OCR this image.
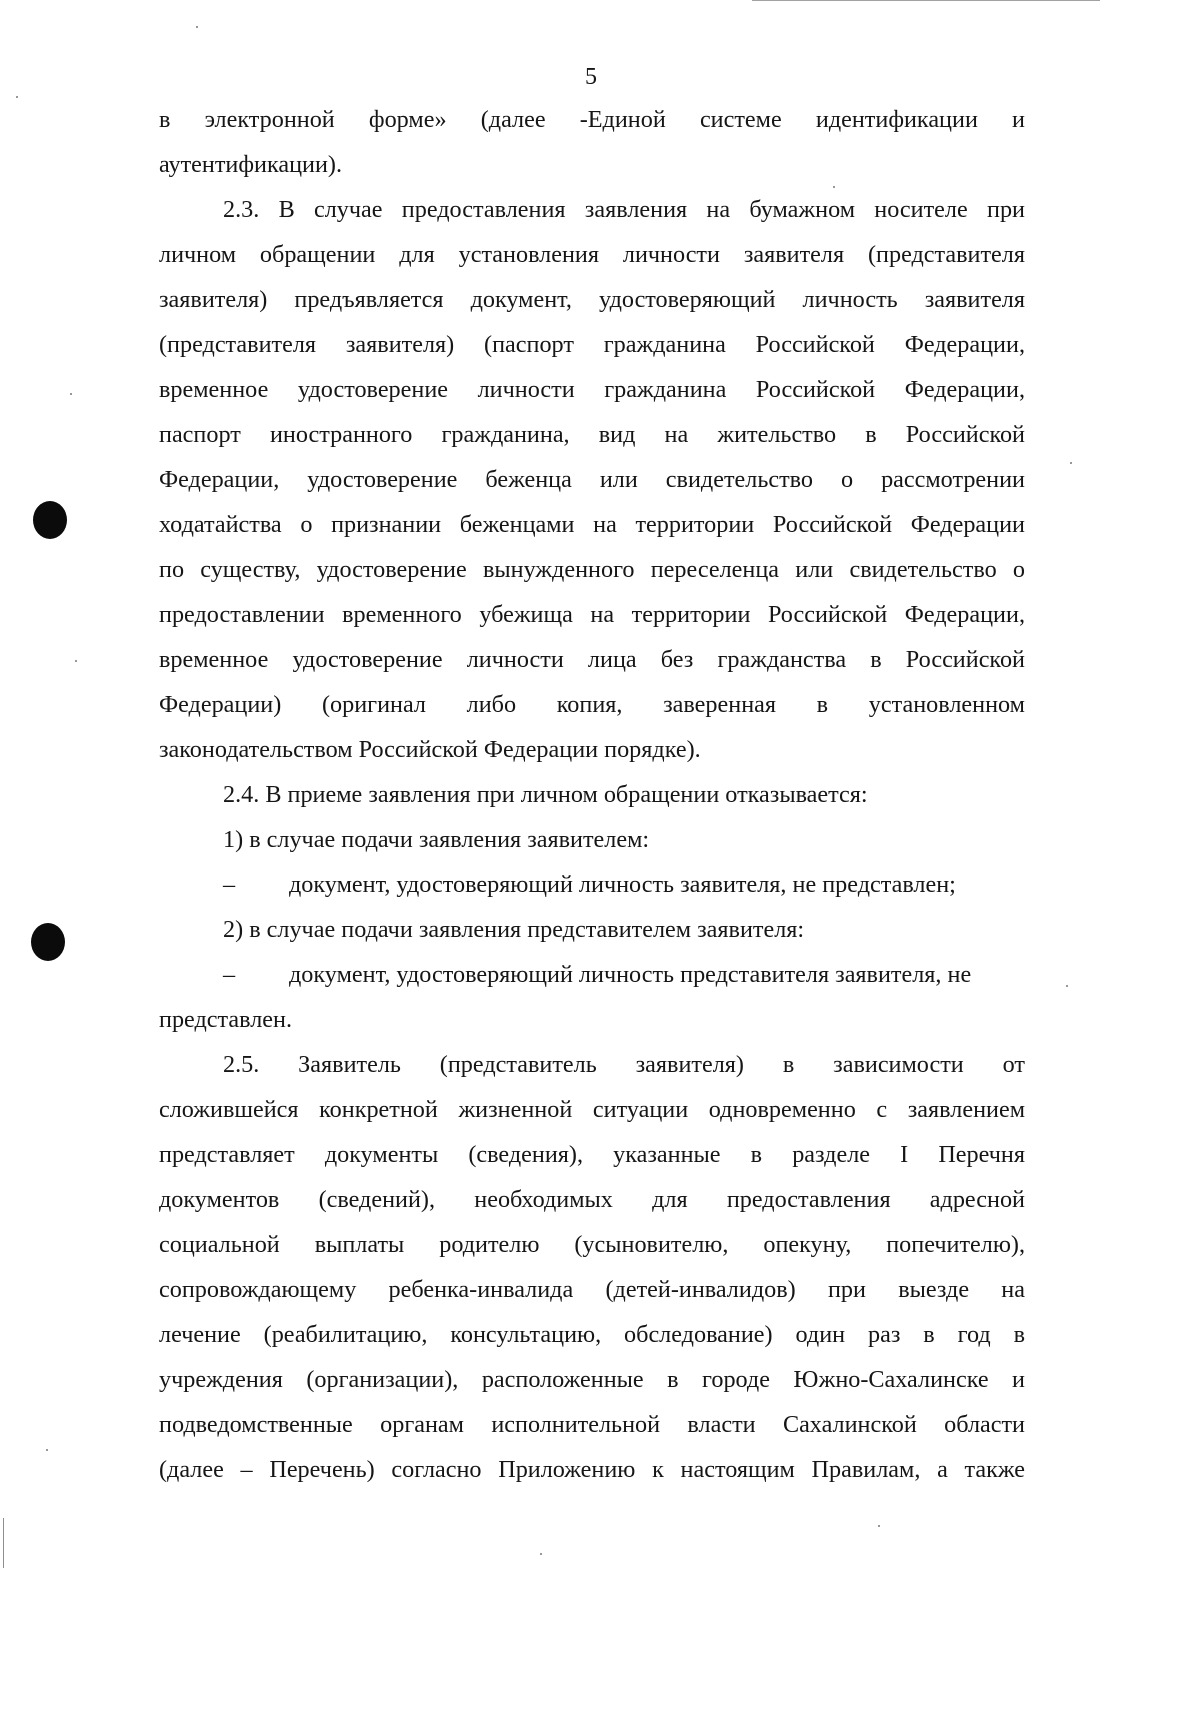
5
в электронной форме» (далее -Единой системе идентификации и
аутентификации).
2.3. В случае предоставления заявления на бумажном носителе при
личном обращении для установления личности заявителя (представителя
заявителя) предъявляется документ, удостоверяющий личность заявителя
(представителя заявителя) (паспорт гражданина Российской Федерации,
временное удостоверение личности гражданина Российской Федерации,
паспорт иностранного гражданина, вид на жительство в Российской
Федерации, удостоверение беженца или свидетельство о рассмотрении
ходатайства о признании беженцами на территории Российской Федерации
по существу, удостоверение вынужденного переселенца или свидетельство о
предоставлении временного убежища на территории Российской Федерации,
временное удостоверение личности лица без гражданства в Российской
Федерации) (оригинал либо копия, заверенная в установленном
законодательством Российской Федерации порядке).
2.4. В приеме заявления при личном обращении отказывается:
1) в случае подачи заявления заявителем:
– документ, удостоверяющий личность заявителя, не представлен;
2) в случае подачи заявления представителем заявителя:
– документ, удостоверяющий личность представителя заявителя, не
представлен.
2.5. Заявитель (представитель заявителя) в зависимости от
сложившейся конкретной жизненной ситуации одновременно с заявлением
представляет документы (сведения), указанные в разделе I Перечня
документов (сведений), необходимых для предоставления адресной
социальной выплаты родителю (усыновителю, опекуну, попечителю),
сопровождающему ребенка-инвалида (детей-инвалидов) при выезде на
лечение (реабилитацию, консультацию, обследование) один раз в год в
учреждения (организации), расположенные в городе Южно-Сахалинске и
подведомственные органам исполнительной власти Сахалинской области
(далее – Перечень) согласно Приложению к настоящим Правилам, а также
